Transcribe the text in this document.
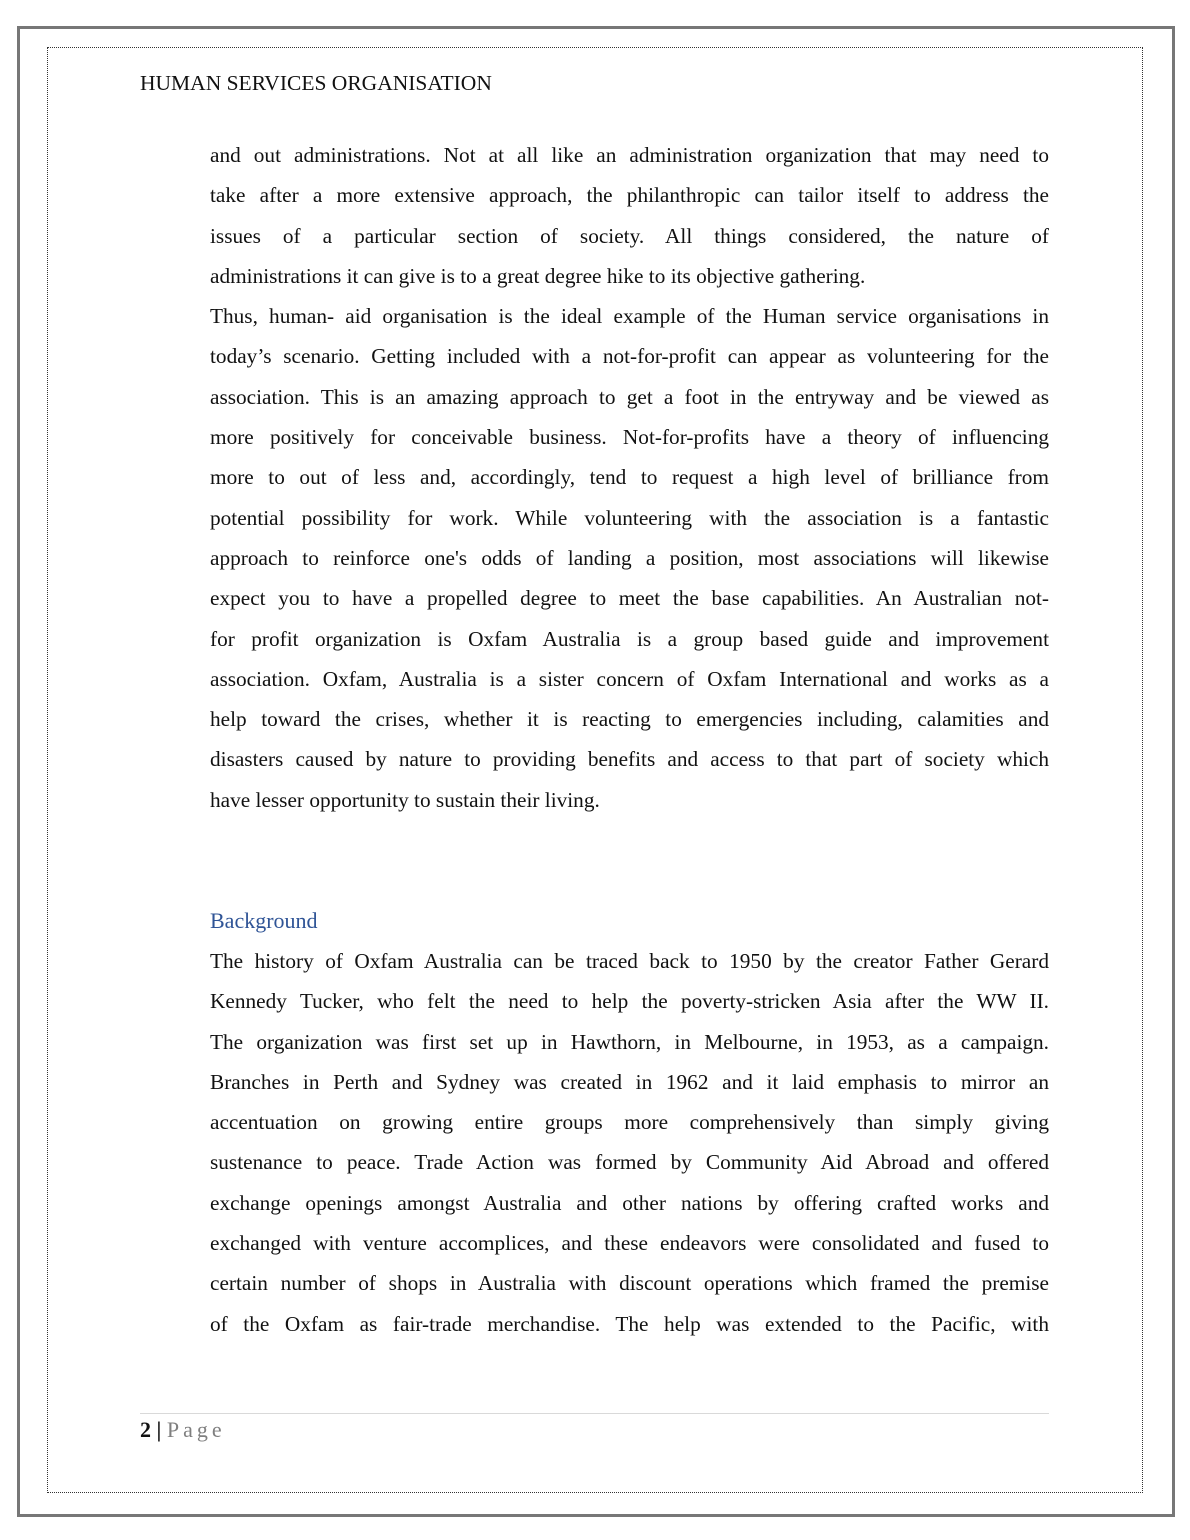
HUMAN SERVICES ORGANISATION
and out administrations. Not at all like an administration organization that may need to
take after a more extensive approach, the philanthropic can tailor itself to address the
issues of a particular section of society. All things considered, the nature of
administrations it can give is to a great degree hike to its objective gathering.
Thus, human- aid organisation is the ideal example of the Human service organisations in
today’s scenario. Getting included with a not-for-profit can appear as volunteering for the
association. This is an amazing approach to get a foot in the entryway and be viewed as
more positively for conceivable business. Not-for-profits have a theory of influencing
more to out of less and, accordingly, tend to request a high level of brilliance from
potential possibility for work. While volunteering with the association is a fantastic
approach to reinforce one's odds of landing a position, most associations will likewise
expect you to have a propelled degree to meet the base capabilities. An Australian not-
for profit organization is Oxfam Australia is a group based guide and improvement
association. Oxfam, Australia is a sister concern of Oxfam International and works as a
help toward the crises, whether it is reacting to emergencies including, calamities and
disasters caused by nature to providing benefits and access to that part of society which
have lesser opportunity to sustain their living.
Background
The history of Oxfam Australia can be traced back to 1950 by the creator Father Gerard
Kennedy Tucker, who felt the need to help the poverty-stricken Asia after the WW II.
The organization was first set up in Hawthorn, in Melbourne, in 1953, as a campaign.
Branches in Perth and Sydney was created in 1962 and it laid emphasis to mirror an
accentuation on growing entire groups more comprehensively than simply giving
sustenance to peace. Trade Action was formed by Community Aid Abroad and offered
exchange openings amongst Australia and other nations by offering crafted works and
exchanged with venture accomplices, and these endeavors were consolidated and fused to
certain number of shops in Australia with discount operations which framed the premise
of the Oxfam as fair-trade merchandise. The help was extended to the Pacific, with
2 | Page
